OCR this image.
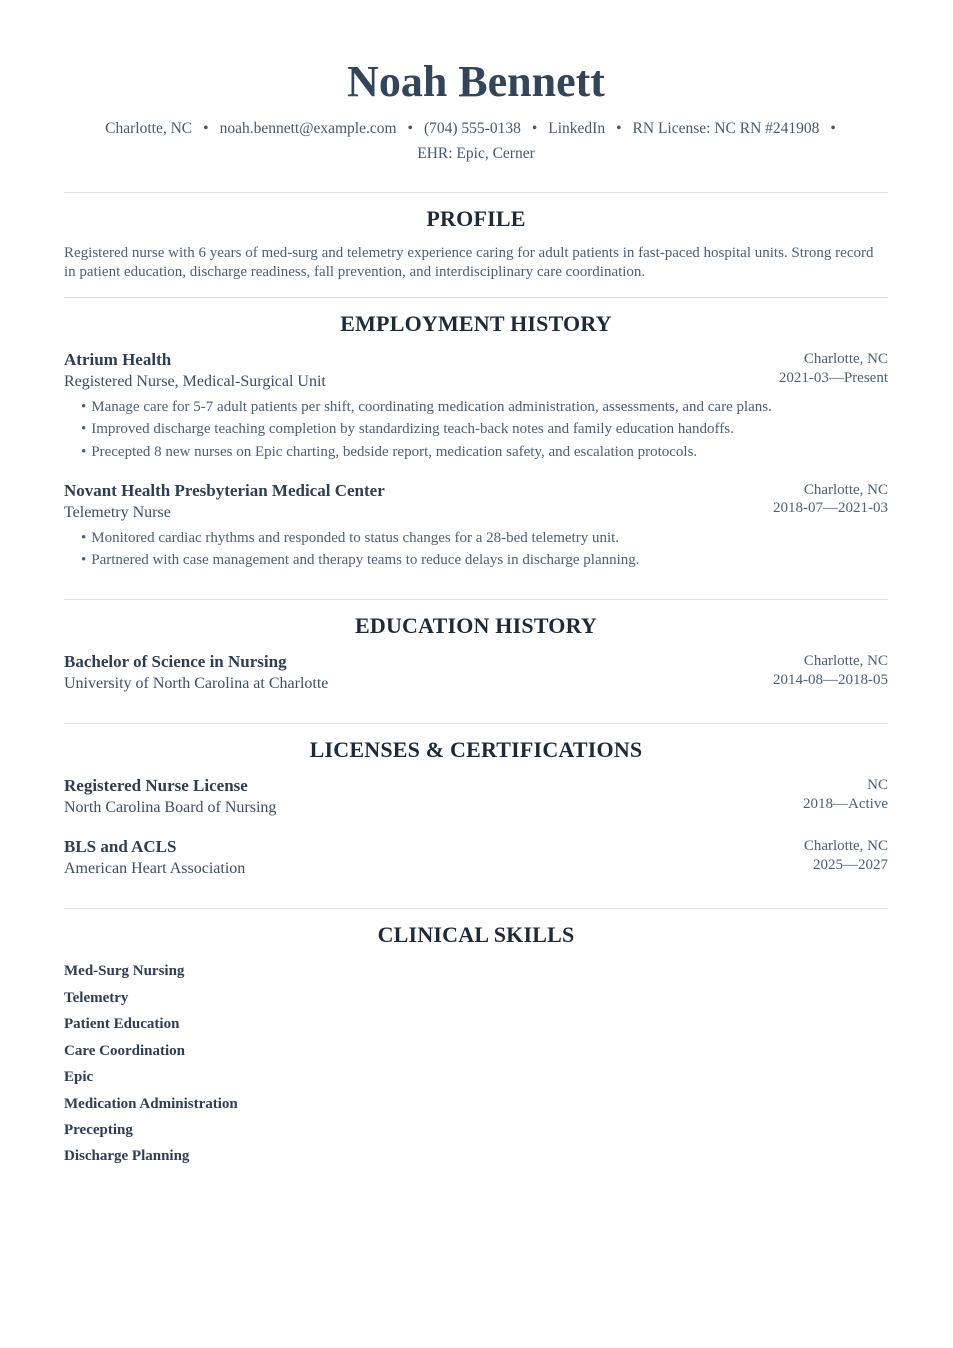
Noah Bennett
Charlotte, NC • noah.bennett@example.com • (704) 555-0138 • LinkedIn • RN License: NC RN #241908 •
EHR: Epic, Cerner
PROFILE

Registered nurse with 6 years of med-surg and telemetry experience caring for adult patients in fast-paced hospital units. Strong record in patient education, discharge readiness, fall prevention, and interdisciplinary care coordination.

EMPLOYMENT HISTORY
Atrium Health
Registered Nurse, Medical-Surgical Unit
Charlotte, NC
2021-03—Present
• Manage care for 5-7 adult patients per shift, coordinating medication administration, assessments, and care plans.
• Improved discharge teaching completion by standardizing teach-back notes and family education handoffs.
• Precepted 8 new nurses on Epic charting, bedside report, medication safety, and escalation protocols.
Novant Health Presbyterian Medical Center
Telemetry Nurse
Charlotte, NC
2018-07—2021-03
• Monitored cardiac rhythms and responded to status changes for a 28-bed telemetry unit.
• Partnered with case management and therapy teams to reduce delays in discharge planning.
EDUCATION HISTORY
Bachelor of Science in Nursing
University of North Carolina at Charlotte
Charlotte, NC
2014-08—2018-05
LICENSES & CERTIFICATIONS
Registered Nurse License
North Carolina Board of Nursing
NC
2018—Active
BLS and ACLS
American Heart Association
Charlotte, NC
2025—2027
CLINICAL SKILLS
Med-Surg Nursing
Telemetry
Patient Education
Care Coordination
Epic
Medication Administration
Precepting
Discharge Planning
